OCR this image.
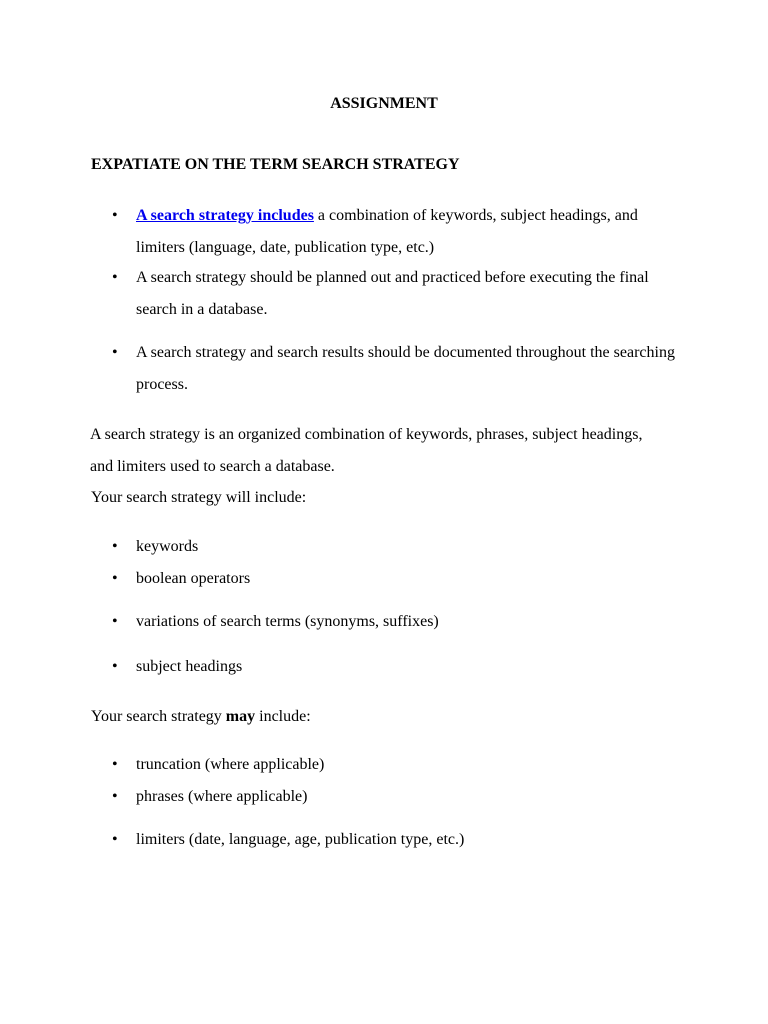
ASSIGNMENT
EXPATIATE ON THE TERM SEARCH STRATEGY
•	A search strategy includes a combination of keywords, subject headings, and limiters (language, date, publication type, etc.)
•	A search strategy should be planned out and practiced before executing the final search in a database.
•	A search strategy and search results should be documented throughout the searching process.

A search strategy is an organized combination of keywords, phrases, subject headings, and limiters used to search a database.

Your search strategy will include:

•	keywords
•	boolean operators
•	variations of search terms (synonyms, suffixes)
•	subject headings

Your search strategy may include:

•	truncation (where applicable)
•	phrases (where applicable)
•	limiters (date, language, age, publication type, etc.)
